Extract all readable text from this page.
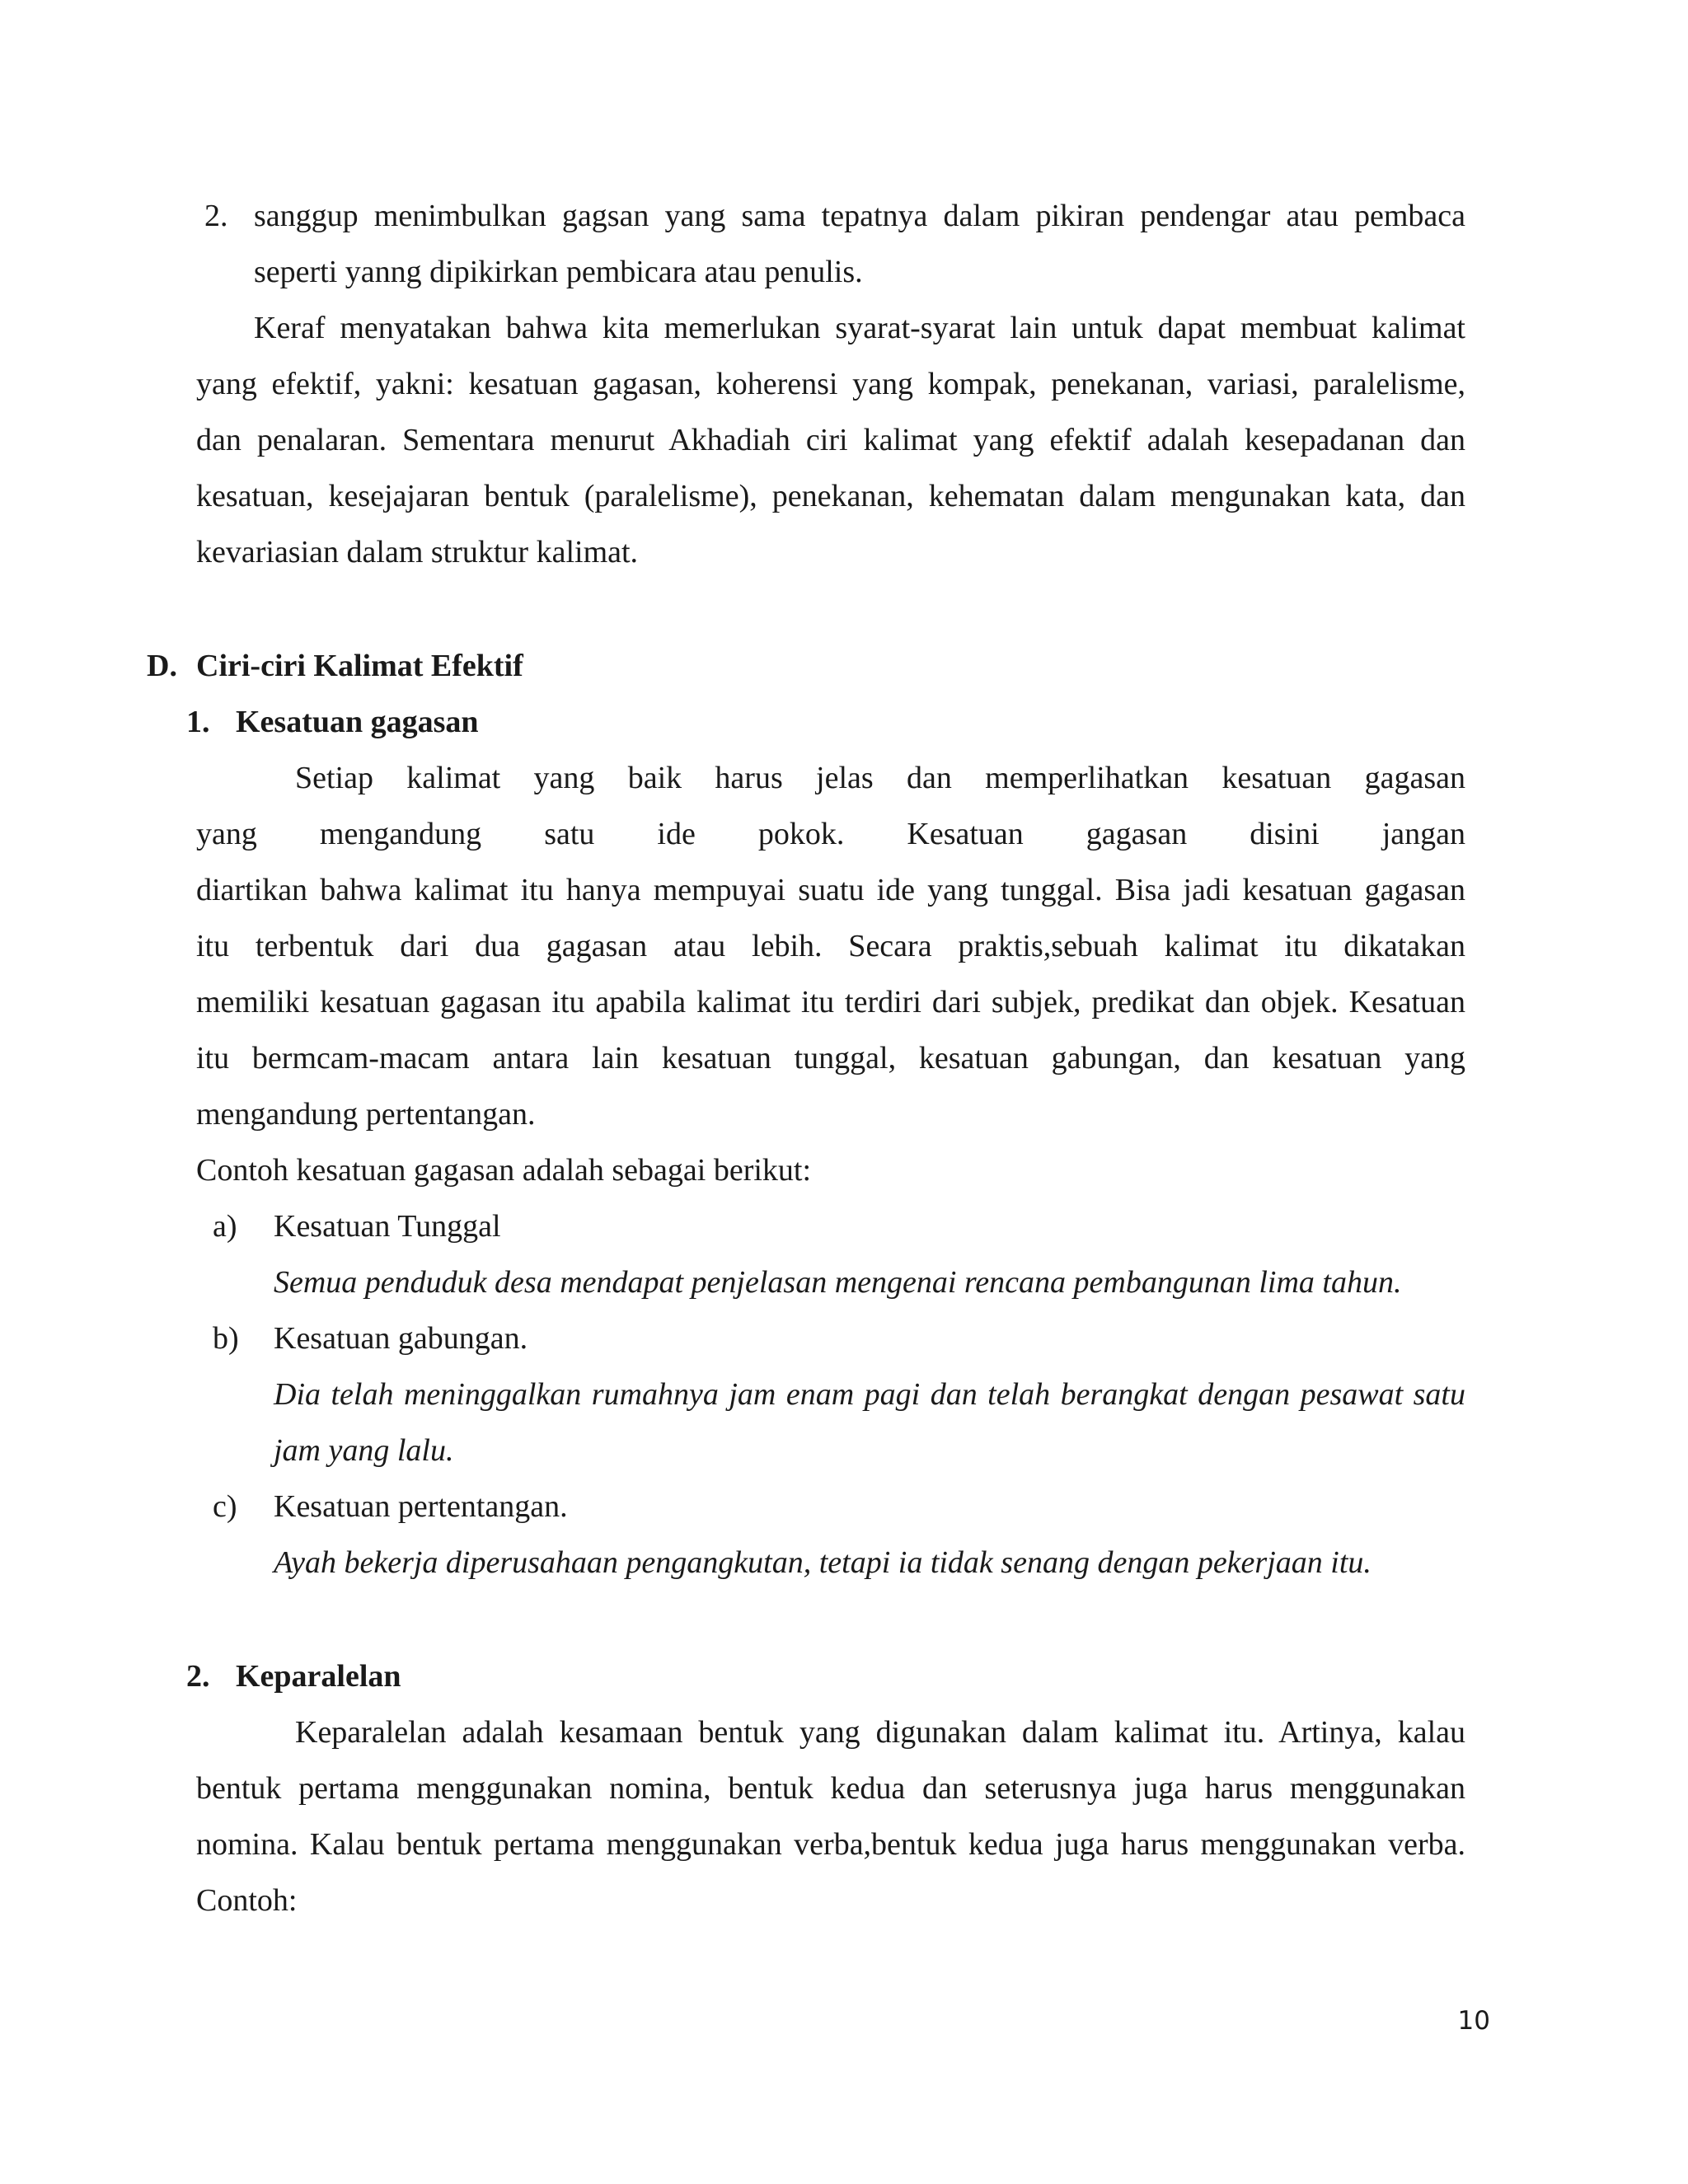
2. sanggup menimbulkan gagsan yang sama tepatnya dalam pikiran pendengar atau pembaca
seperti yanng dipikirkan pembicara atau penulis.
Keraf menyatakan bahwa kita memerlukan syarat-syarat lain untuk dapat membuat kalimat
yang efektif, yakni: kesatuan gagasan, koherensi yang kompak, penekanan, variasi, paralelisme,
dan penalaran. Sementara menurut Akhadiah ciri kalimat yang efektif adalah kesepadanan dan
kesatuan, kesejajaran bentuk (paralelisme), penekanan, kehematan dalam mengunakan kata, dan
kevariasian dalam struktur kalimat.
D. Ciri-ciri Kalimat Efektif
1. Kesatuan gagasan
Setiap kalimat yang baik harus jelas dan memperlihatkan kesatuan gagasan
yang mengandung satu ide pokok. Kesatuan gagasan disini jangan
diartikan bahwa kalimat itu hanya mempuyai suatu ide yang tunggal. Bisa jadi kesatuan gagasan
itu terbentuk dari dua gagasan atau lebih. Secara praktis,sebuah kalimat itu dikatakan
memiliki kesatuan gagasan itu apabila kalimat itu terdiri dari subjek, predikat dan objek. Kesatuan
itu bermcam-macam antara lain kesatuan tunggal, kesatuan gabungan, dan kesatuan yang
mengandung pertentangan.
Contoh kesatuan gagasan adalah sebagai berikut:
a) Kesatuan Tunggal
Semua penduduk desa mendapat penjelasan mengenai rencana pembangunan lima tahun.
b) Kesatuan gabungan.
Dia telah meninggalkan rumahnya jam enam pagi dan telah berangkat dengan pesawat satu
jam yang lalu.
c) Kesatuan pertentangan.
Ayah bekerja diperusahaan pengangkutan, tetapi ia tidak senang dengan pekerjaan itu.
2. Keparalelan
Keparalelan adalah kesamaan bentuk yang digunakan dalam kalimat itu. Artinya, kalau
bentuk pertama menggunakan nomina, bentuk kedua dan seterusnya juga harus menggunakan
nomina. Kalau bentuk pertama menggunakan verba,bentuk kedua juga harus menggunakan verba.
Contoh:
10
